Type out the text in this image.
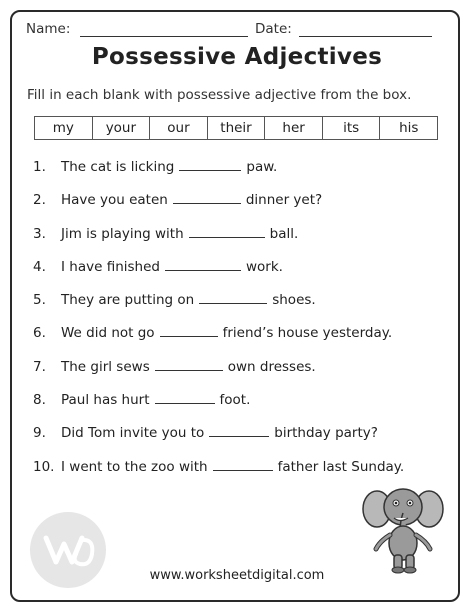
Name:	Date:
Possessive Adjectives
Fill in each blank with possessive adjective from the box.
my	your	our	their	her	its	his
1. The cat is licking	paw.
2. Have you eaten	dinner yet?
3. Jim is playing with	ball.
4. I have finished	work.
5. They are putting on	shoes.
6. We did not go	friend’s house yesterday.
7. The girl sews	own dresses.
8. Paul has hurt	foot.
9. Did Tom invite you to	birthday party?
10. I went to the zoo with	father last Sunday.
www.worksheetdigital.com
